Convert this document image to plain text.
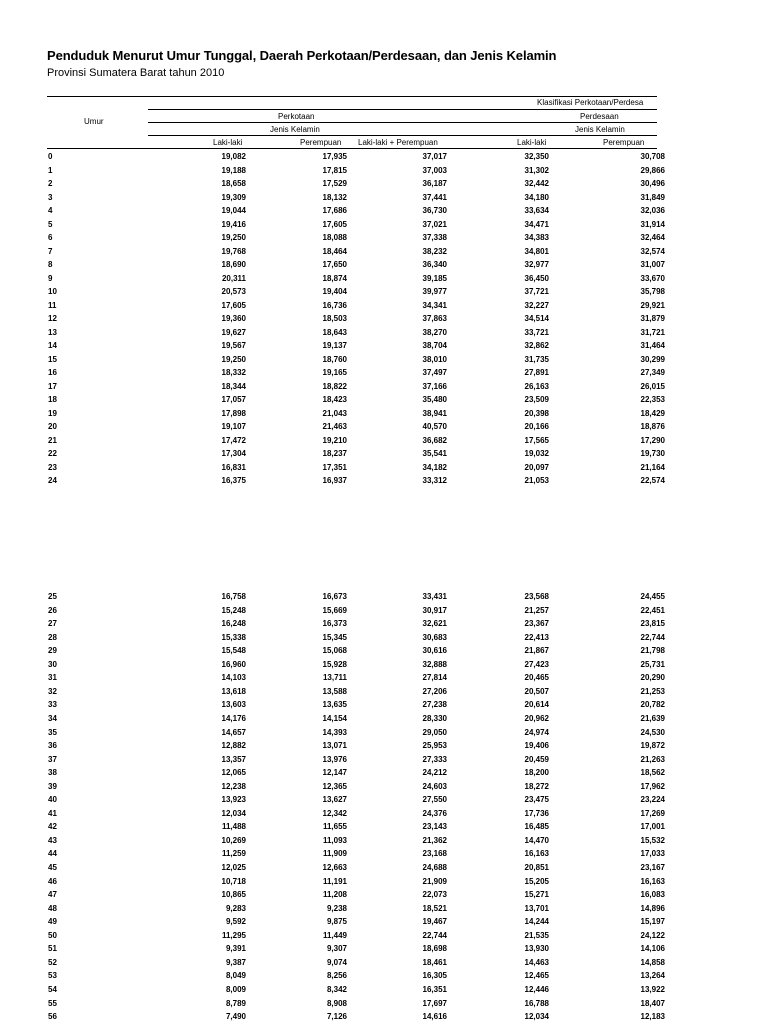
Penduduk Menurut Umur Tunggal, Daerah Perkotaan/Perdesaan, dan Jenis Kelamin
Provinsi Sumatera Barat tahun 2010
Umur
Klasifikasi Perkotaan/Perdesa
Perkotaan	Perdesaan
Jenis Kelamin	Jenis Kelamin
Laki-laki	Perempuan Laki-laki + Perempuan	Laki-laki	Perempuan
0	19,082	17,935	37,017	32,350	30,708
1	19,188	17,815	37,003	31,302	29,866
2	18,658	17,529	36,187	32,442	30,496
3	19,309	18,132	37,441	34,180	31,849
4	19,044	17,686	36,730	33,634	32,036
5	19,416	17,605	37,021	34,471	31,914
6	19,250	18,088	37,338	34,383	32,464
7	19,768	18,464	38,232	34,801	32,574
8	18,690	17,650	36,340	32,977	31,007
9	20,311	18,874	39,185	36,450	33,670
10	20,573	19,404	39,977	37,721	35,798
11	17,605	16,736	34,341	32,227	29,921
12	19,360	18,503	37,863	34,514	31,879
13	19,627	18,643	38,270	33,721	31,721
14	19,567	19,137	38,704	32,862	31,464
15	19,250	18,760	38,010	31,735	30,299
16	18,332	19,165	37,497	27,891	27,349
17	18,344	18,822	37,166	26,163	26,015
18	17,057	18,423	35,480	23,509	22,353
19	17,898	21,043	38,941	20,398	18,429
20	19,107	21,463	40,570	20,166	18,876
21	17,472	19,210	36,682	17,565	17,290
22	17,304	18,237	35,541	19,032	19,730
23	16,831	17,351	34,182	20,097	21,164
24	16,375	16,937	33,312	21,053	22,574
25	16,758	16,673	33,431	23,568	24,455
26	15,248	15,669	30,917	21,257	22,451
27	16,248	16,373	32,621	23,367	23,815
28	15,338	15,345	30,683	22,413	22,744
29	15,548	15,068	30,616	21,867	21,798
30	16,960	15,928	32,888	27,423	25,731
31	14,103	13,711	27,814	20,465	20,290
32	13,618	13,588	27,206	20,507	21,253
33	13,603	13,635	27,238	20,614	20,782
34	14,176	14,154	28,330	20,962	21,639
35	14,657	14,393	29,050	24,974	24,530
36	12,882	13,071	25,953	19,406	19,872
37	13,357	13,976	27,333	20,459	21,263
38	12,065	12,147	24,212	18,200	18,562
39	12,238	12,365	24,603	18,272	17,962
40	13,923	13,627	27,550	23,475	23,224
41	12,034	12,342	24,376	17,736	17,269
42	11,488	11,655	23,143	16,485	17,001
43	10,269	11,093	21,362	14,470	15,532
44	11,259	11,909	23,168	16,163	17,033
45	12,025	12,663	24,688	20,851	23,167
46	10,718	11,191	21,909	15,205	16,163
47	10,865	11,208	22,073	15,271	16,083
48	9,283	9,238	18,521	13,701	14,896
49	9,592	9,875	19,467	14,244	15,197
50	11,295	11,449	22,744	21,535	24,122
51	9,391	9,307	18,698	13,930	14,106
52	9,387	9,074	18,461	14,463	14,858
53	8,049	8,256	16,305	12,465	13,264
54	8,009	8,342	16,351	12,446	13,922
55	8,789	8,908	17,697	16,788	18,407
56	7,490	7,126	14,616	12,034	12,183
